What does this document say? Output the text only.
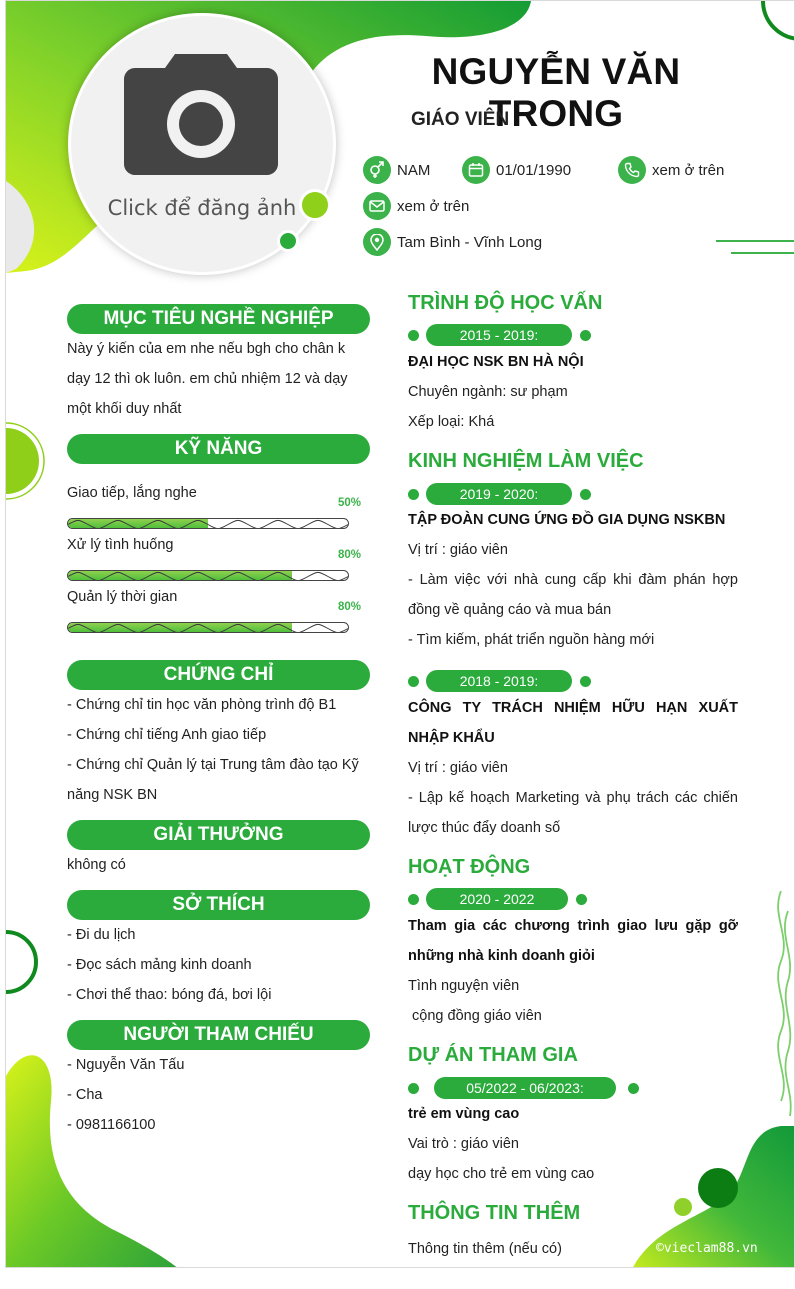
Click để đăng ảnh
NGUYỄN VĂN TRONG
GIÁO VIÊN
NAM	01/01/1990	xem ở trên
xem ở trên
Tam Bình - Vĩnh Long
MỤC TIÊU NGHỀ NGHIỆP
Này ý kiến của em nhe nếu bgh cho chân k dạy 12 thì ok luôn. em chủ nhiệm 12 và dạy một khối duy nhất
KỸ NĂNG
Giao tiếp, lắng nghe
50%
Xử lý tình huống
80%
Quản lý thời gian
80%
CHỨNG CHỈ
- Chứng chỉ tin học văn phòng trình độ B1
- Chứng chỉ tiếng Anh giao tiếp
- Chứng chỉ Quản lý tại Trung tâm đào tạo Kỹ năng NSK BN
GIẢI THƯỞNG
không có
SỞ THÍCH
- Đi du lịch
- Đọc sách mảng kinh doanh
- Chơi thể thao: bóng đá, bơi lội
NGƯỜI THAM CHIẾU
- Nguyễn Văn Tấu
- Cha
- 0981166100
TRÌNH ĐỘ HỌC VẤN
2015 - 2019:
ĐẠI HỌC NSK BN HÀ NỘI
Chuyên ngành: sư phạm
Xếp loại: Khá
KINH NGHIỆM LÀM VIỆC
2019 - 2020:
TẬP ĐOÀN CUNG ỨNG ĐỒ GIA DỤNG NSKBN
Vị trí : giáo viên
- Làm việc với nhà cung cấp khi đàm phán hợp đồng về quảng cáo và mua bán
- Tìm kiếm, phát triển nguồn hàng mới
2018 - 2019:
CÔNG TY TRÁCH NHIỆM HỮU HẠN XUẤT NHẬP KHẨU
Vị trí : giáo viên
- Lập kế hoạch Marketing và phụ trách các chiến lược thúc đẩy doanh số
HOẠT ĐỘNG
2020 - 2022
Tham gia các chương trình giao lưu gặp gỡ những nhà kinh doanh giỏi
Tình nguyện viên
cộng đồng giáo viên
DỰ ÁN THAM GIA
05/2022 - 06/2023:
trẻ em vùng cao
Vai trò : giáo viên
dạy học cho trẻ em vùng cao
THÔNG TIN THÊM
Thông tin thêm (nếu có)	©vieclam88.vn
